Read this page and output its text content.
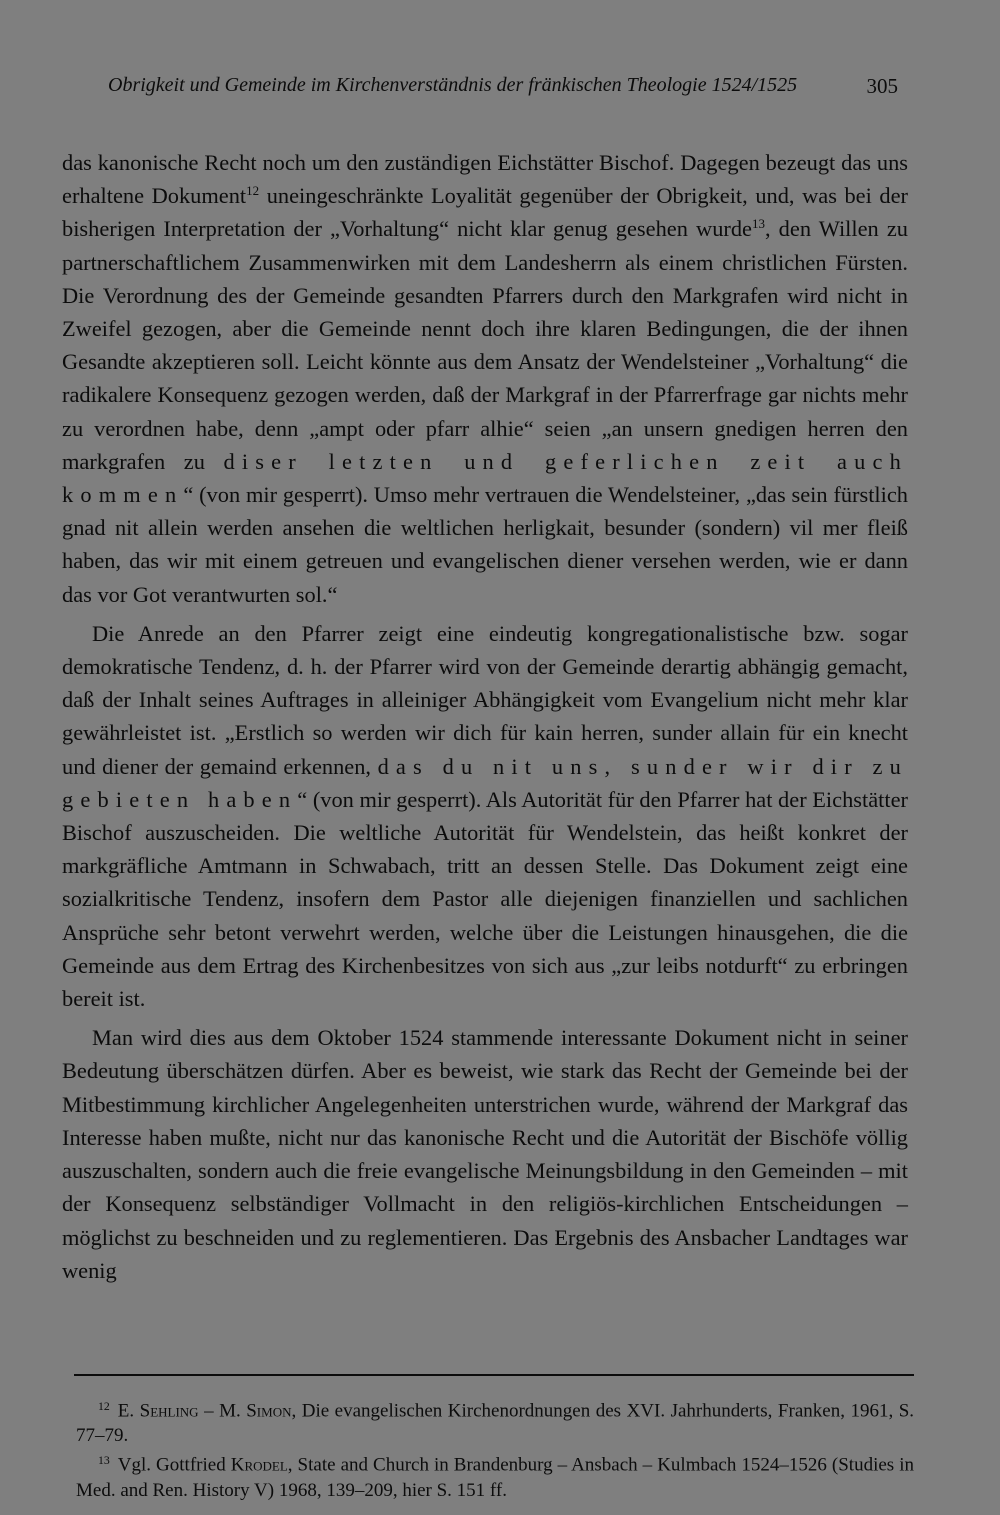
Obrigkeit und Gemeinde im Kirchenverständnis der fränkischen Theologie 1524/1525	305

das kanonische Recht noch um den zuständigen Eichstätter Bischof. Dagegen bezeugt das uns erhaltene Dokument$^{12}$ uneingeschränkte Loyalität gegenüber der Obrigkeit, und, was bei der bisherigen Interpretation der „Vorhaltung“ nicht klar genug gesehen wurde$^{13}$, den Willen zu partnerschaftlichem Zusammenwirken mit dem Landesherrn als einem christlichen Fürsten. Die Verordnung des der Gemeinde gesandten Pfarrers durch den Markgrafen wird nicht in Zweifel gezogen, aber die Gemeinde nennt doch ihre klaren Bedingungen, die der ihnen Gesandte akzeptieren soll. Leicht könnte aus dem Ansatz der Wendelsteiner „Vorhaltung“ die radikalere Konsequenz gezogen werden, daß der Markgraf in der Pfarrerfrage gar nichts mehr zu verordnen habe, denn „ampt oder pfarr alhie“ seien „an unsern gnedigen herren den markgrafen zu diser letzten und geferlichen zeit auch kommen“ (von mir gesperrt). Umso mehr vertrauen die Wendelsteiner, „das sein fürstlich gnad nit allein werden ansehen die weltlichen herligkait, besunder (sondern) vil mer fleiß haben, das wir mit einem getreuen und evangelischen diener versehen werden, wie er dann das vor Got verantwurten sol.“

Die Anrede an den Pfarrer zeigt eine eindeutig kongregationalistische bzw. sogar demokratische Tendenz, d. h. der Pfarrer wird von der Gemeinde derartig abhängig gemacht, daß der Inhalt seines Auftrages in alleiniger Abhängigkeit vom Evangelium nicht mehr klar gewährleistet ist. „Erstlich so werden wir dich für kain herren, sunder allain für ein knecht und diener der gemaind erkennen, das du nit uns, sunder wir dir zu gebieten haben“ (von mir gesperrt). Als Autorität für den Pfarrer hat der Eichstätter Bischof auszuscheiden. Die weltliche Autorität für Wendelstein, das heißt konkret der markgräfliche Amtmann in Schwabach, tritt an dessen Stelle. Das Dokument zeigt eine sozialkritische Tendenz, insofern dem Pastor alle diejenigen finanziellen und sachlichen Ansprüche sehr betont verwehrt werden, welche über die Leistungen hinausgehen, die die Gemeinde aus dem Ertrag des Kirchenbesitzes von sich aus „zur leibs notdurft“ zu erbringen bereit ist.

Man wird dies aus dem Oktober 1524 stammende interessante Dokument nicht in seiner Bedeutung überschätzen dürfen. Aber es beweist, wie stark das Recht der Gemeinde bei der Mitbestimmung kirchlicher Angelegenheiten unterstrichen wurde, während der Markgraf das Interesse haben mußte, nicht nur das kanonische Recht und die Autorität der Bischöfe völlig auszuschalten, sondern auch die freie evangelische Meinungsbildung in den Gemeinden – mit der Konsequenz selbständiger Vollmacht in den religiös-kirchlichen Entscheidungen – möglichst zu beschneiden und zu reglementieren. Das Ergebnis des Ansbacher Landtages war wenig

$^{12}$ E. Sehling – M. Simon, Die evangelischen Kirchenordnungen des XVI. Jahrhunderts, Franken, 1961, S. 77–79.

$^{13}$ Vgl. Gottfried Krodel, State and Church in Brandenburg – Ansbach – Kulmbach 1524–1526 (Studies in Med. and Ren. History V) 1968, 139–209, hier S. 151 ff.
